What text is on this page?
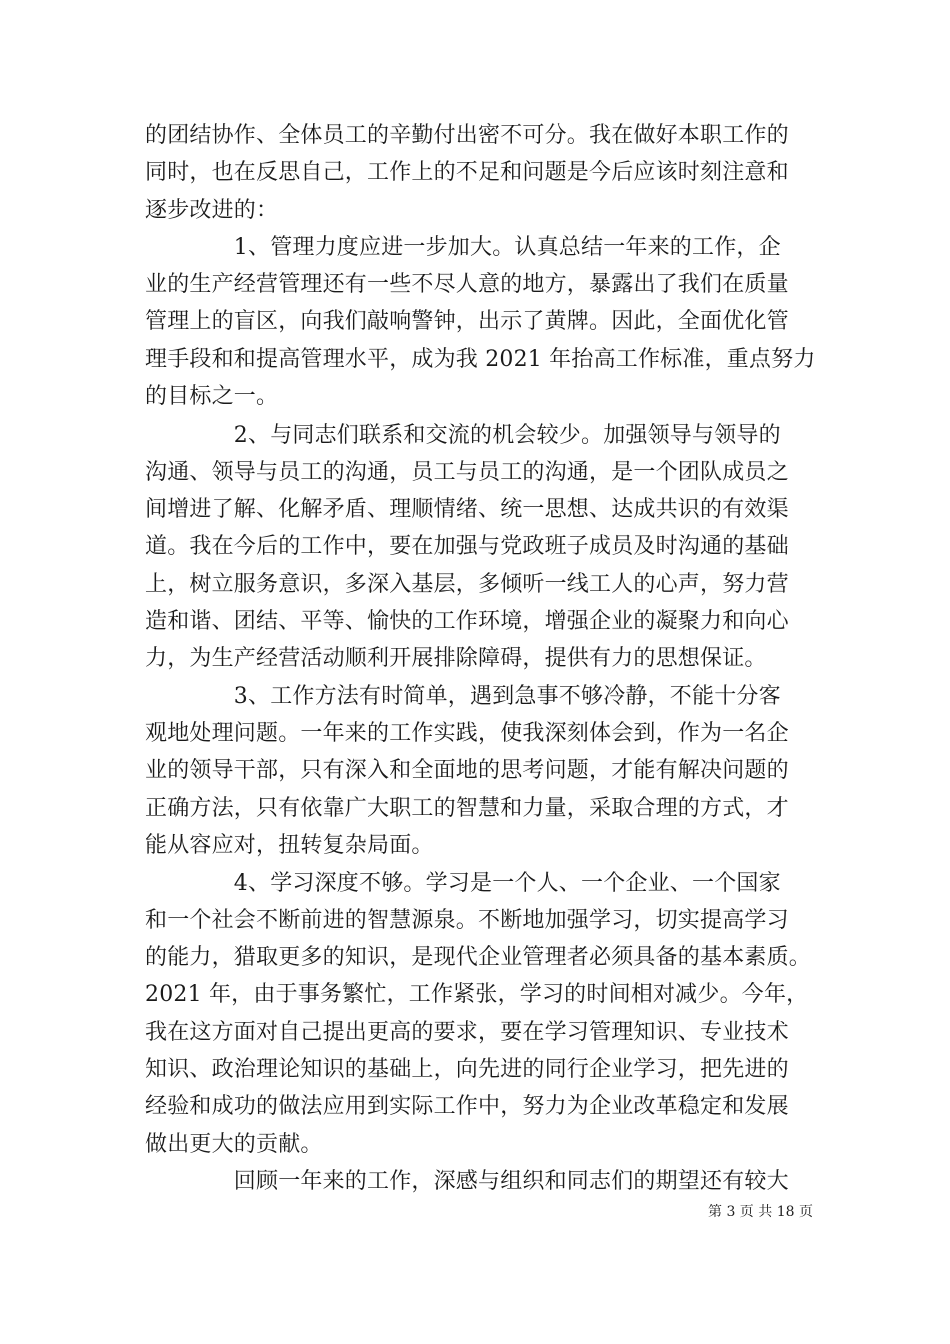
的团结协作、全体员工的辛勤付出密不可分。我在做好本职工作的
同时，也在反思自己，工作上的不足和问题是今后应该时刻注意和
逐步改进的：
　　　　1、管理力度应进一步加大。认真总结一年来的工作，企
业的生产经营管理还有一些不尽人意的地方，暴露出了我们在质量
管理上的盲区，向我们敲响警钟，出示了黄牌。因此，全面优化管
理手段和和提高管理水平，成为我 2021 年抬高工作标准，重点努力
的目标之一。
　　　　2、与同志们联系和交流的机会较少。加强领导与领导的
沟通、领导与员工的沟通，员工与员工的沟通，是一个团队成员之
间增进了解、化解矛盾、理顺情绪、统一思想、达成共识的有效渠
道。我在今后的工作中，要在加强与党政班子成员及时沟通的基础
上，树立服务意识，多深入基层，多倾听一线工人的心声，努力营
造和谐、团结、平等、愉快的工作环境，增强企业的凝聚力和向心
力，为生产经营活动顺利开展排除障碍，提供有力的思想保证。
　　　　3、工作方法有时简单，遇到急事不够冷静，不能十分客
观地处理问题。一年来的工作实践，使我深刻体会到，作为一名企
业的领导干部，只有深入和全面地的思考问题，才能有解决问题的
正确方法，只有依靠广大职工的智慧和力量，采取合理的方式，才
能从容应对，扭转复杂局面。
　　　　4、学习深度不够。学习是一个人、一个企业、一个国家
和一个社会不断前进的智慧源泉。不断地加强学习，切实提高学习
的能力，猎取更多的知识，是现代企业管理者必须具备的基本素质。
2021 年，由于事务繁忙，工作紧张，学习的时间相对减少。今年，
我在这方面对自己提出更高的要求，要在学习管理知识、专业技术
知识、政治理论知识的基础上，向先进的同行企业学习，把先进的
经验和成功的做法应用到实际工作中，努力为企业改革稳定和发展
做出更大的贡献。
　　　　回顾一年来的工作，深感与组织和同志们的期望还有较大
第 3 页 共 18 页
